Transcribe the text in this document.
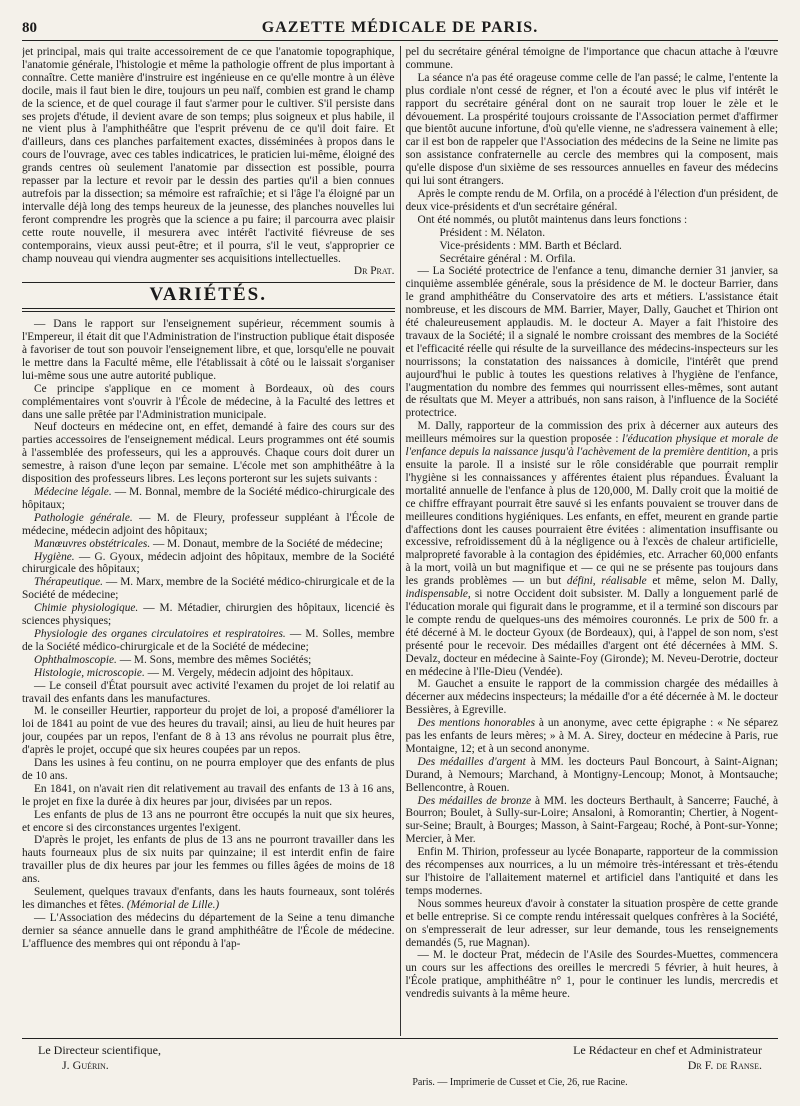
80	GAZETTE MÉDICALE DE PARIS.

jet principal, mais qui traite accessoirement de ce que l'anatomie topographique, l'anatomie générale, l'histologie et même la pathologie offrent de plus important à connaître. Cette manière d'instruire est ingénieuse en ce qu'elle montre à un élève docile, mais il faut bien le dire, toujours un peu naïf, combien est grand le champ de la science, et de quel courage il faut s'armer pour le cultiver. S'il persiste dans ses projets d'étude, il devient avare de son temps; plus soigneux et plus habile, il ne vient plus à l'amphithéâtre que l'esprit prévenu de ce qu'il doit faire. Et d'ailleurs, dans ces planches parfaitement exactes, disséminées à propos dans le cours de l'ouvrage, avec ces tables indicatrices, le praticien lui-même, éloigné des grands centres où seulement l'anatomie par dissection est possible, pourra repasser par la lecture et revoir par le dessin des parties qu'il a bien connues autrefois par la dissection; sa mémoire est rafraîchie; et si l'âge l'a éloigné par un intervalle déjà long des temps heureux de la jeunesse, des planches nouvelles lui feront comprendre les progrès que la science a pu faire; il parcourra avec plaisir cette route nouvelle, il mesurera avec intérêt l'activité fiévreuse de ses contemporains, vieux aussi peut-être; et il pourra, s'il le veut, s'approprier ce champ nouveau qui viendra augmenter ses acquisitions intellectuelles.

Dr Prat.
VARIÉTÉS.

— Dans le rapport sur l'enseignement supérieur, récemment soumis à l'Empereur, il était dit que l'Administration de l'instruction publique était disposée à favoriser de tout son pouvoir l'enseignement libre, et que, lorsqu'elle ne pouvait le mettre dans la Faculté même, elle l'établissait à côté ou le laissait s'organiser lui-même sous une autre autorité publique.

Ce principe s'applique en ce moment à Bordeaux, où des cours complémentaires vont s'ouvrir à l'École de médecine, à la Faculté des lettres et dans une salle prêtée par l'Administration municipale.

Neuf docteurs en médecine ont, en effet, demandé à faire des cours sur des parties accessoires de l'enseignement médical. Leurs programmes ont été soumis à l'assemblée des professeurs, qui les a approuvés. Chaque cours doit durer un semestre, à raison d'une leçon par semaine. L'école met son amphithéâtre à la disposition des professeurs libres. Les leçons porteront sur les sujets suivants :

Médecine légale. — M. Bonnal, membre de la Société médico-chirurgicale des hôpitaux;

Pathologie générale. — M. de Fleury, professeur suppléant à l'École de médecine, médecin adjoint des hôpitaux;

Manœuvres obstétricales. — M. Donaut, membre de la Société de médecine;

Hygiène. — G. Gyoux, médecin adjoint des hôpitaux, membre de la Société chirurgicale des hôpitaux;

Thérapeutique. — M. Marx, membre de la Société médico-chirurgicale et de la Société de médecine;

Chimie physiologique. — M. Métadier, chirurgien des hôpitaux, licencié ès sciences physiques;

Physiologie des organes circulatoires et respiratoires. — M. Solles, membre de la Société médico-chirurgicale et de la Société de médecine;

Ophthalmoscopie. — M. Sons, membre des mêmes Sociétés;

Histologie, microscopie. — M. Vergely, médecin adjoint des hôpitaux.

— Le conseil d'État poursuit avec activité l'examen du projet de loi relatif au travail des enfants dans les manufactures.

M. le conseiller Heurtier, rapporteur du projet de loi, a proposé d'améliorer la loi de 1841 au point de vue des heures du travail; ainsi, au lieu de huit heures par jour, coupées par un repos, l'enfant de 8 à 13 ans révolus ne pourrait plus être, d'après le projet, occupé que six heures coupées par un repos.

Dans les usines à feu continu, on ne pourra employer que des enfants de plus de 10 ans.

En 1841, on n'avait rien dit relativement au travail des enfants de 13 à 16 ans, le projet en fixe la durée à dix heures par jour, divisées par un repos.

Les enfants de plus de 13 ans ne pourront être occupés la nuit que six heures, et encore si des circonstances urgentes l'exigent.

D'après le projet, les enfants de plus de 13 ans ne pourront travailler dans les hauts fourneaux plus de six nuits par quinzaine; il est interdit enfin de faire travailler plus de dix heures par jour les femmes ou filles âgées de moins de 18 ans.

Seulement, quelques travaux d'enfants, dans les hauts fourneaux, sont tolérés les dimanches et fêtes. (Mémorial de Lille.)

— L'Association des médecins du département de la Seine a tenu dimanche dernier sa séance annuelle dans le grand amphithéâtre de l'École de médecine. L'affluence des membres qui ont répondu à l'ap-

pel du secrétaire général témoigne de l'importance que chacun attache à l'œuvre commune.

La séance n'a pas été orageuse comme celle de l'an passé; le calme, l'entente la plus cordiale n'ont cessé de régner, et l'on a écouté avec le plus vif intérêt le rapport du secrétaire général dont on ne saurait trop louer le zèle et le dévouement. La prospérité toujours croissante de l'Association permet d'affirmer que bientôt aucune infortune, d'où qu'elle vienne, ne s'adressera vainement à elle; car il est bon de rappeler que l'Association des médecins de la Seine ne limite pas son assistance confraternelle au cercle des membres qui la composent, mais qu'elle dispose d'un sixième de ses ressources annuelles en faveur des médecins qui lui sont étrangers.

Après le compte rendu de M. Orfila, on a procédé à l'élection d'un président, de deux vice-présidents et d'un secrétaire général.

Ont été nommés, ou plutôt maintenus dans leurs fonctions :

Président : M. Nélaton.

Vice-présidents : MM. Barth et Béclard.

Secrétaire général : M. Orfila.

— La Société protectrice de l'enfance a tenu, dimanche dernier 31 janvier, sa cinquième assemblée générale, sous la présidence de M. le docteur Barrier, dans le grand amphithéâtre du Conservatoire des arts et métiers. L'assistance était nombreuse, et les discours de MM. Barrier, Mayer, Dally, Gauchet et Thirion ont été chaleureusement applaudis. M. le docteur A. Mayer a fait l'histoire des travaux de la Société; il a signalé le nombre croissant des membres de la Société et l'efficacité réelle qui résulte de la surveillance des médecins-inspecteurs sur les nourrissons; la constatation des naissances à domicile, l'intérêt que prend aujourd'hui le public à toutes les questions relatives à l'hygiène de l'enfance, l'augmentation du nombre des femmes qui nourrissent elles-mêmes, sont autant de résultats que M. Meyer a attribués, non sans raison, à l'influence de la Société protectrice.

M. Dally, rapporteur de la commission des prix à décerner aux auteurs des meilleurs mémoires sur la question proposée : l'éducation physique et morale de l'enfance depuis la naissance jusqu'à l'achèvement de la première dentition, a pris ensuite la parole. Il a insisté sur le rôle considérable que pourrait remplir l'hygiène si les connaissances y afférentes étaient plus répandues. Évaluant la mortalité annuelle de l'enfance à plus de 120,000, M. Dally croit que la moitié de ce chiffre effrayant pourrait être sauvé si les enfants pouvaient se trouver dans de meilleures conditions hygiéniques. Les enfants, en effet, meurent en grande partie d'affections dont les causes pourraient être évitées : alimentation insuffisante ou excessive, refroidissement dû à la négligence ou à l'excès de chaleur artificielle, malpropreté favorable à la contagion des épidémies, etc. Arracher 60,000 enfants à la mort, voilà un but magnifique et — ce qui ne se présente pas toujours dans les grands problèmes — un but défini, réalisable et même, selon M. Dally, indispensable, si notre Occident doit subsister. M. Dally a longuement parlé de l'éducation morale qui figurait dans le programme, et il a terminé son discours par le compte rendu de quelques-uns des mémoires couronnés. Le prix de 500 fr. a été décerné à M. le docteur Gyoux (de Bordeaux), qui, à l'appel de son nom, s'est présenté pour le recevoir. Des médailles d'argent ont été décernées à MM. S. Devalz, docteur en médecine à Sainte-Foy (Gironde); M. Neveu-Derotrie, docteur en médecine à l'Ile-Dieu (Vendée).

M. Gauchet a ensuite le rapport de la commission chargée des médailles à décerner aux médecins inspecteurs; la médaille d'or a été décernée à M. le docteur Bessières, à Egreville.

Des mentions honorables à un anonyme, avec cette épigraphe : « Ne séparez pas les enfants de leurs mères; » à M. A. Sirey, docteur en médecine à Paris, rue Montaigne, 12; et à un second anonyme.

Des médailles d'argent à MM. les docteurs Paul Boncourt, à Saint-Aignan; Durand, à Nemours; Marchand, à Montigny-Lencoup; Monot, à Montsauche; Bellencontre, à Rouen.

Des médailles de bronze à MM. les docteurs Berthault, à Sancerre; Fauché, à Bourron; Boulet, à Sully-sur-Loire; Ansaloni, à Romorantin; Chertier, à Nogent-sur-Seine; Brault, à Bourges; Masson, à Saint-Fargeau; Roché, à Pont-sur-Yonne; Mercier, à Mer.

Enfin M. Thirion, professeur au lycée Bonaparte, rapporteur de la commission des récompenses aux nourrices, a lu un mémoire très-intéressant et très-étendu sur l'histoire de l'allaitement maternel et artificiel dans l'antiquité et dans les temps modernes.

Nous sommes heureux d'avoir à constater la situation prospère de cette grande et belle entreprise. Si ce compte rendu intéressait quelques confrères à la Société, on s'empresserait de leur adresser, sur leur demande, tous les renseignements demandés (5, rue Magnan).

— M. le docteur Prat, médecin de l'Asile des Sourdes-Muettes, commencera un cours sur les affections des oreilles le mercredi 5 février, à huit heures, à l'École pratique, amphithéâtre n° 1, pour le continuer les lundis, mercredis et vendredis suivants à la même heure.

Le Directeur scientifique,	Le Rédacteur en chef et Administrateur
J. Guérin.	Dr F. de Ranse.
Paris. — Imprimerie de Cusset et Cie, 26, rue Racine.
